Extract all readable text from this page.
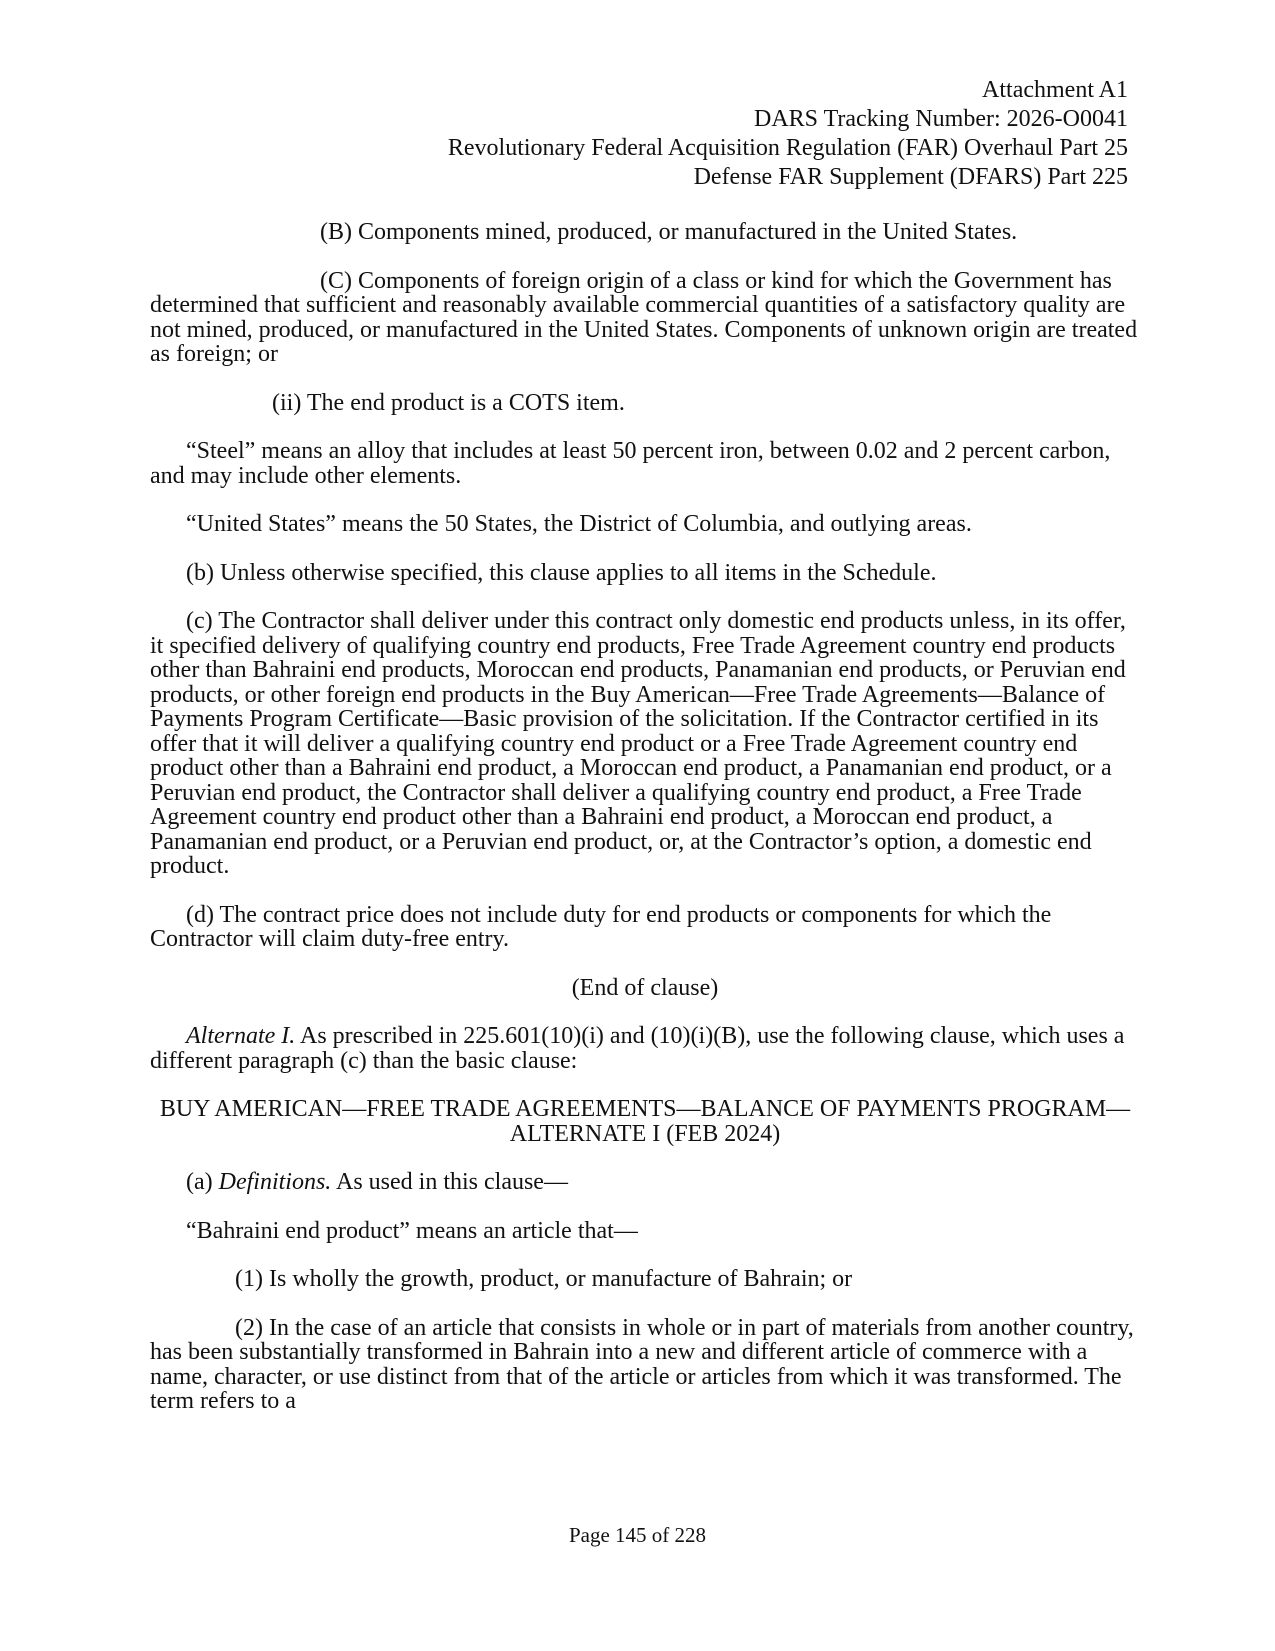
Attachment A1
DARS Tracking Number: 2026-O0041
Revolutionary Federal Acquisition Regulation (FAR) Overhaul Part 25
Defense FAR Supplement (DFARS) Part 225

(B) Components mined, produced, or manufactured in the United States.

(C) Components of foreign origin of a class or kind for which the Government has determined that sufficient and reasonably available commercial quantities of a satisfactory quality are not mined, produced, or manufactured in the United States. Components of unknown origin are treated as foreign; or

(ii) The end product is a COTS item.

“Steel” means an alloy that includes at least 50 percent iron, between 0.02 and 2 percent carbon, and may include other elements.

“United States” means the 50 States, the District of Columbia, and outlying areas.

(b) Unless otherwise specified, this clause applies to all items in the Schedule.

(c) The Contractor shall deliver under this contract only domestic end products unless, in its offer, it specified delivery of qualifying country end products, Free Trade Agreement country end products other than Bahraini end products, Moroccan end products, Panamanian end products, or Peruvian end products, or other foreign end products in the Buy American—Free Trade Agreements—Balance of Payments Program Certificate—Basic provision of the solicitation. If the Contractor certified in its offer that it will deliver a qualifying country end product or a Free Trade Agreement country end product other than a Bahraini end product, a Moroccan end product, a Panamanian end product, or a Peruvian end product, the Contractor shall deliver a qualifying country end product, a Free Trade Agreement country end product other than a Bahraini end product, a Moroccan end product, a Panamanian end product, or a Peruvian end product, or, at the Contractor’s option, a domestic end product.

(d) The contract price does not include duty for end products or components for which the Contractor will claim duty-free entry.

(End of clause)

Alternate I. As prescribed in 225.601(10)(i) and (10)(i)(B), use the following clause, which uses a different paragraph (c) than the basic clause:

BUY AMERICAN—FREE TRADE AGREEMENTS—BALANCE OF PAYMENTS PROGRAM—ALTERNATE I (FEB 2024)

(a) Definitions. As used in this clause—

“Bahraini end product” means an article that—

(1) Is wholly the growth, product, or manufacture of Bahrain; or

(2) In the case of an article that consists in whole or in part of materials from another country, has been substantially transformed in Bahrain into a new and different article of commerce with a name, character, or use distinct from that of the article or articles from which it was transformed. The term refers to a

Page 145 of 228
